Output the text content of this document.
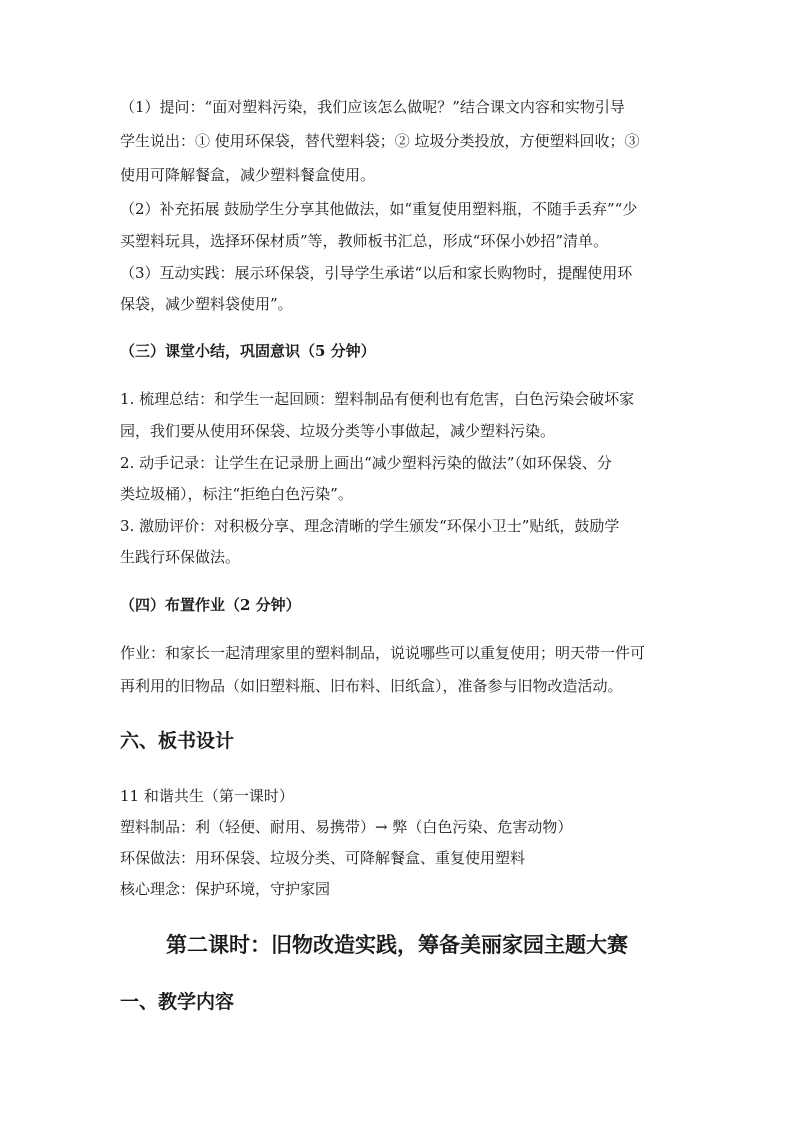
（1）提问：“面对塑料污染，我们应该怎么做呢？”结合课文内容和实物引导
学生说出：① 使用环保袋，替代塑料袋；② 垃圾分类投放，方便塑料回收；③
使用可降解餐盒，减少塑料餐盒使用。
（2）补充拓展 鼓励学生分享其他做法，如“重复使用塑料瓶，不随手丢弃”“少
买塑料玩具，选择环保材质”等，教师板书汇总，形成“环保小妙招”清单。
（3）互动实践：展示环保袋，引导学生承诺“以后和家长购物时，提醒使用环
保袋，减少塑料袋使用”。
（三）课堂小结，巩固意识（5 分钟）
1. 梳理总结：和学生一起回顾：塑料制品有便利也有危害，白色污染会破坏家
园，我们要从使用环保袋、垃圾分类等小事做起，减少塑料污染。
2. 动手记录：让学生在记录册上画出“减少塑料污染的做法”（如环保袋、分
类垃圾桶），标注“拒绝白色污染”。
3. 激励评价：对积极分享、理念清晰的学生颁发“环保小卫士”贴纸，鼓励学
生践行环保做法。
（四）布置作业（2 分钟）
作业：和家长一起清理家里的塑料制品，说说哪些可以重复使用；明天带一件可
再利用的旧物品（如旧塑料瓶、旧布料、旧纸盒），准备参与旧物改造活动。
六、板书设计
11 和谐共生（第一课时）
塑料制品：利（轻便、耐用、易携带）→ 弊（白色污染、危害动物）
环保做法：用环保袋、垃圾分类、可降解餐盒、重复使用塑料
核心理念：保护环境，守护家园
第二课时：旧物改造实践，筹备美丽家园主题大赛
一、教学内容
